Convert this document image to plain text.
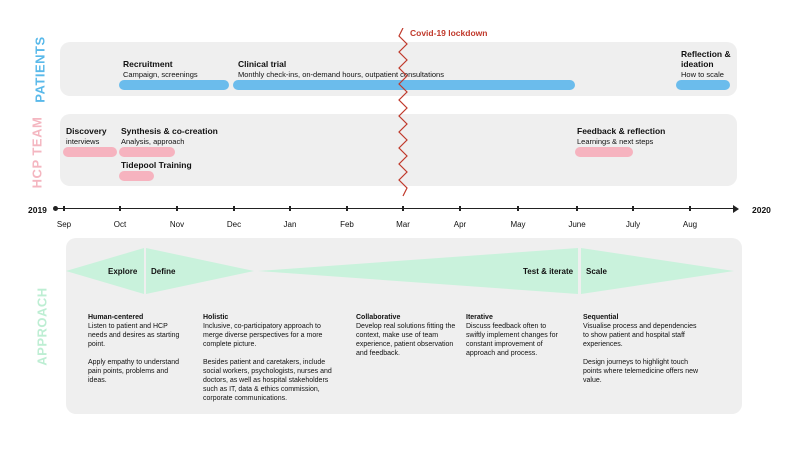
PATIENTS
HCP TEAM
APPROACH
Recruitment
Campaign, screenings
Clinical trial
Monthly check-ins, on-demand hours, outpatient consultations
Reflection &
ideation
How to scale
Discovery
interviews
Synthesis & co-creation
Analysis, approach
Tidepool Training
Feedback & reflection
Learnings & next steps
Covid-19 lockdown
2019	2020
Sep	Oct	Nov	Dec	Jan	Feb	Mar	Apr	May	June	July	Aug
Explore Define	Test & iterate Scale
Human-centered

Listen to patient and HCP needs and desires as starting point.

Apply empathy to understand pain points, problems and ideas.

Holistic

Inclusive, co-participatory approach to merge diverse perspectives for a more complete picture.

Besides patient and caretakers, include social workers, psychologists, nurses and doctors, as well as hospital stakeholders such as IT, data & ethics commission, corporate communications.

Collaborative

Develop real solutions fitting the context, make use of team experience, patient observation and feedback.

Iterative

Discuss feedback often to swiftly implement changes for constant improvement of approach and process.

Sequential

Visualise process and dependencies to show patient and hospital staff experiences.

Design journeys to highlight touch points where telemedicine offers new value.
